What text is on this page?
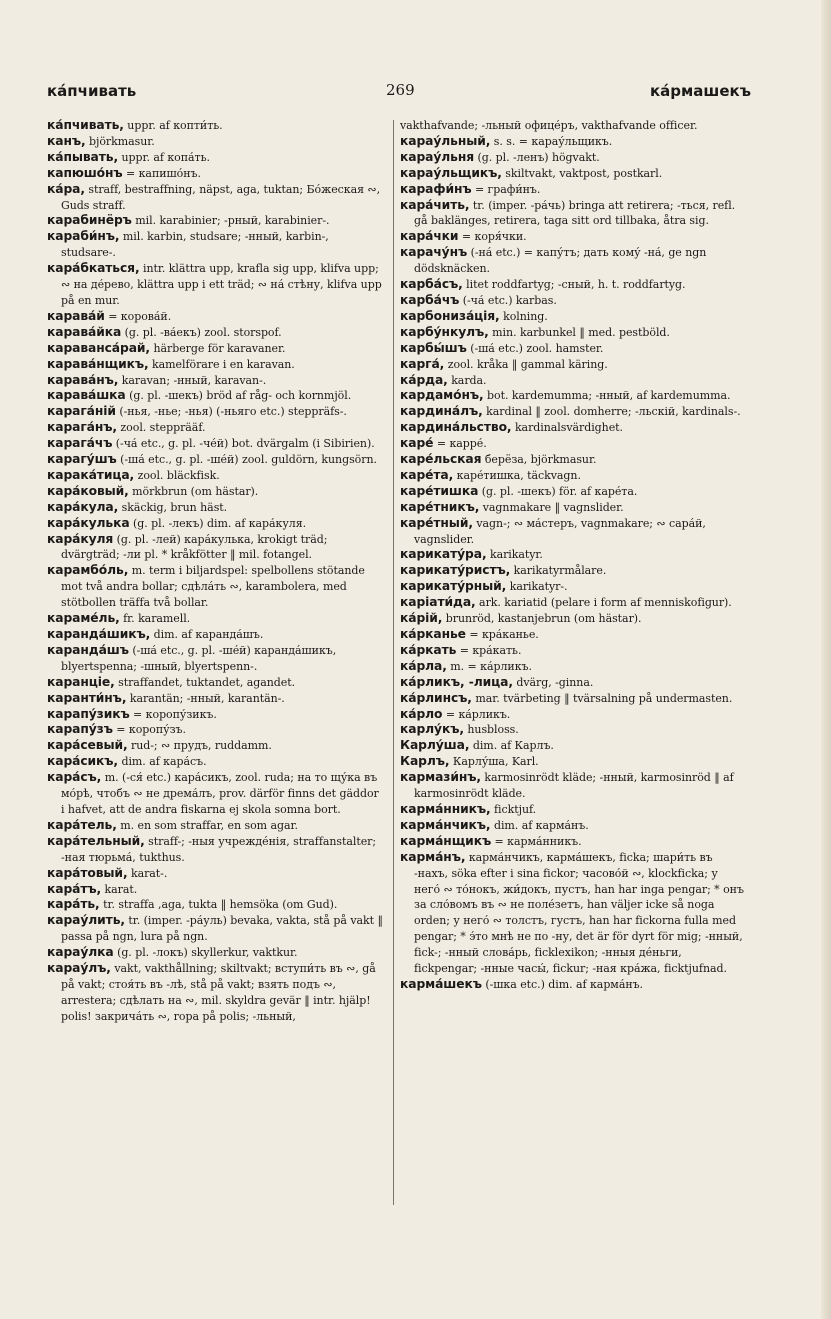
ка́пчивать	269	ка́рмашекъ

ка́пчивать, uppr. af копти́ть.

канъ, björkmasur.

ка́пывать, uppr. af копа́ть.

капюшо́нъ = капишо́нъ.

ка́ра, straff, bestraffning, näpst, aga, tuktan; Бо́жеская ∾, Guds straff.

карабинёръ mil. karabinier; -рный, karabinier-.

караби́нъ, mil. karbin, studsare; -нный, karbin-, studsare-.

кара́бкаться, intr. klättra upp, krafla sig upp, klifva upp; ∾ на де́рево, klättra upp i ett träd; ∾ на́ стѣну, klifva upp på en mur.

карава́й = корова́й.

карава́йка (g. pl. -ва́екъ) zool. storspof.

караванса́рай, härberge för karavaner.

карава́нщикъ, kamelförare i en karavan.

карава́нъ, karavan; -нный, karavan-.

карава́шка (g. pl. -шекъ) bröd af råg- och kornmjöl.

карага́ній (-нья, -нье; -нья) (-ньяго etc.) steppräfs-.

карага́нъ, zool. stepprääf.

карага́чъ (-ча́ etc., g. pl. -че́й) bot. dvärgalm (i Sibirien).

карагу́шъ (-ша́ etc., g. pl. -ше́й) zool. guldörn, kungsörn.

карака́тица, zool. bläckfisk.

кара́ковый, mörkbrun (om hästar).

кара́кула, skäckig, brun häst.

кара́кулька (g. pl. -лекъ) dim. af кара́куля.

кара́куля (g. pl. -лей) кара́кулька, krokigt träd; dvärgträd; -ли pl. * kråkfötter ‖ mil. fotangel.

карамбо́ль, m. term i biljardspel: spelbollens stötande mot två andra bollar; сдѣла́ть ∾, karambolera, med stötbollen träffa två bollar.

караме́ль, fr. karamell.

каранда́шикъ, dim. af каранда́шъ.

каранда́шъ (-ша́ etc., g. pl. -ше́й) каранда́шикъ, blyertspenna; -шный, blyertspenn-.

каранціе, straffandet, tuktandet, agandet.

каранти́нъ, karantän; -нный, karantän-.

карапу́зикъ = коропу́зикъ.

карапу́зъ = коропу́зъ.

кара́севый, rud-; ∾ прудъ, ruddamm.

кара́сикъ, dim. af кара́съ.

кара́съ, m. (-ся́ etc.) кара́сикъ, zool. ruda; на то щу́ка въ мо́рѣ, чтобъ ∾ не дрема́лъ, prov. därför finns det gäddor i hafvet, att de andra fiskarna ej skola somna bort.

кара́тель, m. en som straffar, en som agar.

кара́тельный, straff-; -ныя учрежде́нія, straffanstalter; -ная тюрьма́, tukthus.

кара́товый, karat-.

кара́тъ, karat.

кара́ть, tr. straffa ,aga, tukta ‖ hemsöka (om Gud).

карау́лить, tr. (imper. -ра́уль) bevaka, vakta, stå på vakt ‖ passa på ngn, lura på ngn.

карау́лка (g. pl. -локъ) skyllerkur, vaktkur.

карау́лъ, vakt, vakthållning; skiltvakt; вступи́ть въ ∾, gå på vakt; стоя́ть въ -лѣ, stå på vakt; взять подъ ∾, arrestera; сдѣлать на ∾, mil. skyldra gevär ‖ intr. hjälp! polis! закрича́ть ∾, ropa på polis; -льный,

vakthafvande; -льный офице́ръ, vakthafvande officer.

карау́льный, s. s. = карау́льщикъ.

карау́льня (g. pl. -ленъ) högvakt.

карау́льщикъ, skiltvakt, vaktpost, postkarl.

карафи́нъ = графи́нъ.

кара́чить, tr. (imper. -ра́чь) bringa att retirera; -ться, refl. gå baklänges, retirera, taga sitt ord tillbaka, åtra sig.

кара́чки = коря́чки.

карачу́нъ (-на́ etc.) = капу́тъ; дать кому́ -на́, ge ngn dödsknäcken.

карба́съ, litet roddfartyg; -сный, h. t. roddfartyg.

карба́чъ (-ча́ etc.) karbas.

карбониза́ція, kolning.

карбу́нкулъ, min. karbunkel ‖ med. pestböld.

карбы́шъ (-ша́ etc.) zool. hamster.

карга́, zool. kråka ‖ gammal käring.

ка́рда, karda.

кардамо́нъ, bot. kardemumma; -нный, af kardemumma.

кардина́лъ, kardinal ‖ zool. domherre; -льскій, kardinals-.

кардина́льство, kardinalsvärdighet.

каре́ = карре́.

каре́льская берёза, björkmasur.

каре́та, каре́тишка, täckvagn.

каре́тишка (g. pl. -шекъ) för. af каре́та.

каре́тникъ, vagnmakare ‖ vagnslider.

каре́тный, vagn-; ∾ ма́стеръ, vagnmakare; ∾ сара́й, vagnslider.

карикату́ра, karikatyr.

карикату́ристъ, karikatyrmålare.

карикату́рный, karikatyr-.

каріати́да, ark. kariatid (pelare i form af menniskofigur).

ка́рій, brunröd, kastanjebrun (om hästar).

ка́рканье = кра́канье.

ка́ркать = кра́кать.

ка́рла, m. = ка́рликъ.

ка́рликъ, -лица, dvärg, -ginna.

ка́рлинсъ, mar. tvärbeting ‖ tvärsalning på undermasten.

ка́рло = ка́рликъ.

карлу́къ, husbloss.

Карлу́ша, dim. af Карлъ.

Карлъ, Карлу́ша, Karl.

кармази́нъ, karmosinrödt kläde; -нный, karmosinröd ‖ af karmosinrödt kläde.

карма́нникъ, ficktjuf.

карма́нчикъ, dim. af карма́нъ.

карма́нщикъ = карма́нникъ.

карма́нъ, карма́нчикъ, карма́шекъ, ficka; шари́ть въ -нахъ, söka efter i sina fickor; часово́й ∾, klockficka; у него́ ∾ то́нокъ, жи́докъ, пустъ, han har inga pengar; * онъ за сло́вомъ въ ∾ не поле́зетъ, han väljer icke så noga orden; у него́ ∾ толстъ, густъ, han har fickorna fulla med pengar; * э́то мнѣ не по -ну, det är för dyrt för mig; -нный, fick-; -нный слова́рь, ficklexikon; -нныя де́ньги, fickpengar; -нные часы́, fickur; -ная кра́жа, ficktjufnad.

карма́шекъ (-шка etc.) dim. af карма́нъ.
